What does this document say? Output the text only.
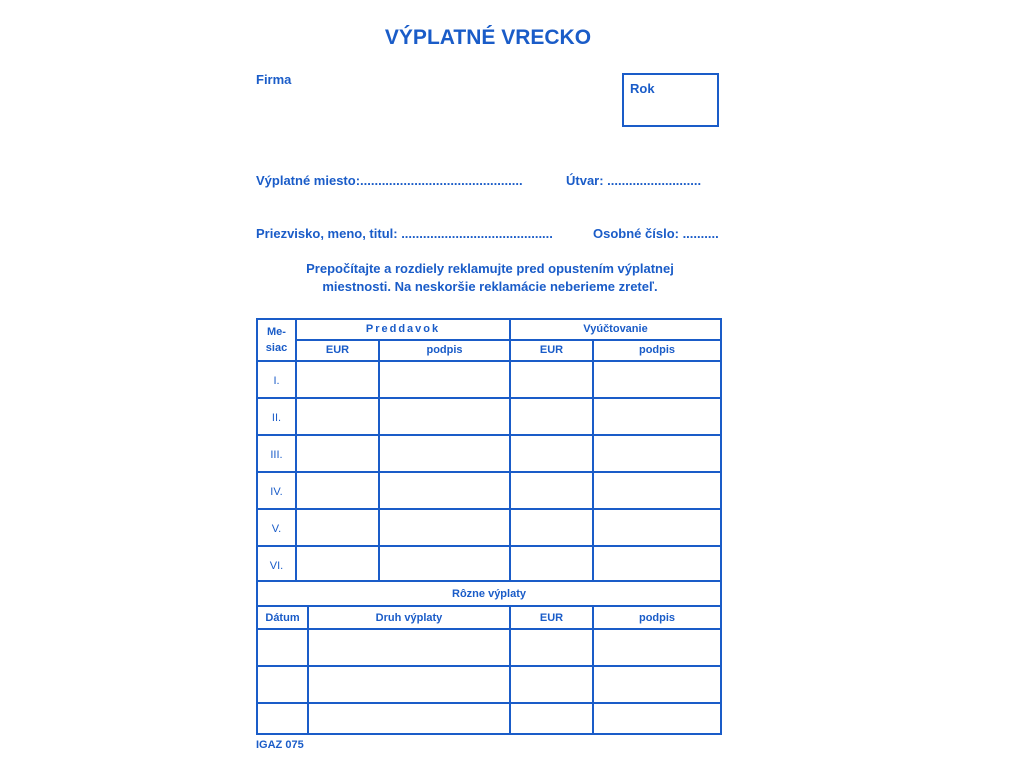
VÝPLATNÉ VRECKO
Firma
Rok
Výplatné miesto:.............................................	Útvar: ..........................
Priezvisko, meno, titul: ..........................................	Osobné číslo: ..........
Prepočítajte a rozdiely reklamujte pred opustením výplatnej
miestnosti. Na neskoršie reklamácie neberieme zreteľ.
Me-
siac
Preddavok	Vyúčtovanie
EUR	podpis	EUR	podpis
I.
II.
III.
IV.
V.
VI.
Rôzne výplaty
Dátum	Druh výplaty	EUR	podpis
IGAZ 075
